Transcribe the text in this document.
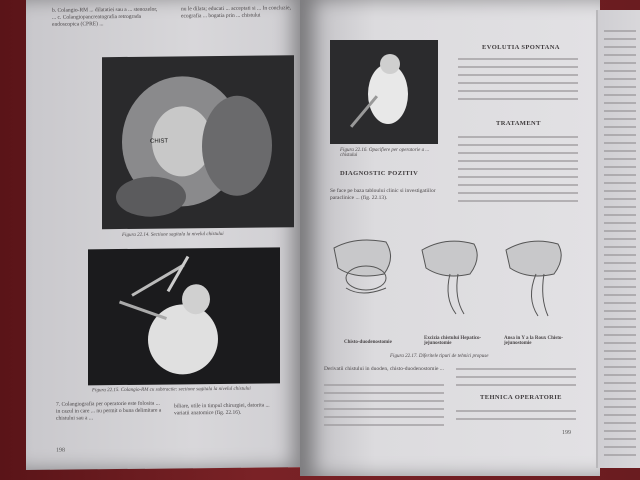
b. Colangio-RM ... dilatatiei sau a ... stenozelor, ... c. Colangiopancreatografia retrograda endoscopica (CPRE) ...
nu le dilata; educati ... acceptati si ... In concluzie, ecografia ... bogatia prin ... chistului
CHIST
Figura 22.14. Sectiune sagitala la nivelul chistului
Figura 22.15. Colangio-RM cu subtractie: sectiune sagitala la nivelul chistului
7. Colangiografia per operatorie este folosita ... in cazul in care ... nu permit o buna delimitare a chistului sau a ...
biliare, utile in timpul chirurgiei, datorita ... variatii anatomice (fig. 22.16).
198
Figura 22.16. Opacifiere per operatorie a ... chistului
EVOLUTIA SPONTANA
TRATAMENT
DIAGNOSTIC POZITIV
Se face pe baza tabloului clinic si investigatiilor paraclinice ... (fig. 22.13).
Chisto-duodenostomie
Excizia chistului Hepatico-jejunostomie
Ansa in Y a la Roux Chisto-jejunostomie
Figura 22.17. Diferitele tipuri de tehnici propuse
Derivatii chistului in duoden, chisto-duodenostomie ...
TEHNICA OPERATORIE
199
